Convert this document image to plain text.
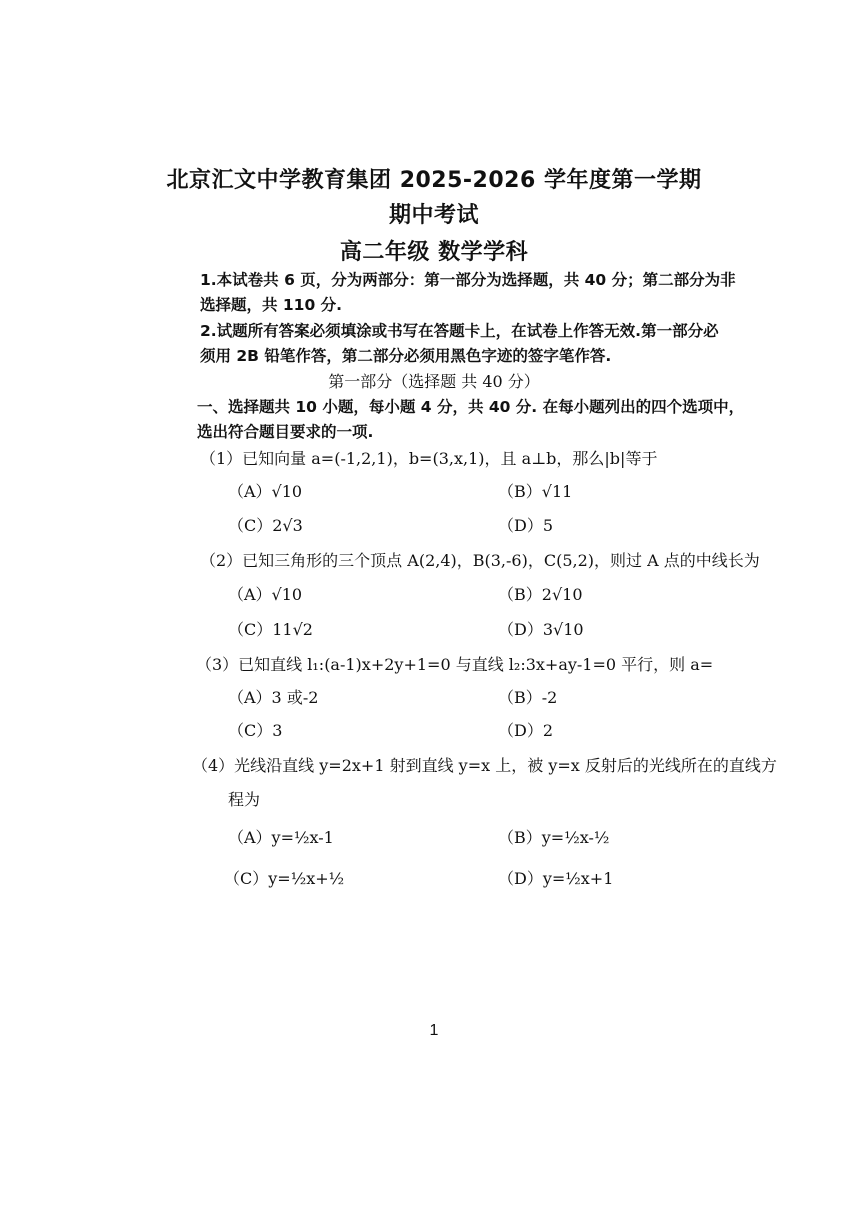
北京汇文中学教育集团 2025-2026 学年度第一学期
期中考试
高二年级 数学学科
1.本试卷共 6 页，分为两部分：第一部分为选择题，共 40 分；第二部分为非
选择题，共 110 分.
2.试题所有答案必须填涂或书写在答题卡上，在试卷上作答无效.第一部分必
须用 2B 铅笔作答，第二部分必须用黑色字迹的签字笔作答.
第一部分（选择题 共 40 分）
一、选择题共 10 小题，每小题 4 分，共 40 分. 在每小题列出的四个选项中，
选出符合题目要求的一项.
（1）已知向量 a=(-1,2,1)，b=(3,x,1)，且 a⊥b，那么|b|等于
（A）√10	（B）√11
（C）2√3	（D）5
（2）已知三角形的三个顶点 A(2,4)，B(3,-6)，C(5,2)，则过 A 点的中线长为
（A）√10	（B）2√10
（C）11√2	（D）3√10
（3）已知直线 l₁:(a-1)x+2y+1=0 与直线 l₂:3x+ay-1=0 平行，则 a=
（A）3 或-2	（B）-2
（C）3	（D）2
（4）光线沿直线 y=2x+1 射到直线 y=x 上，被 y=x 反射后的光线所在的直线方
程为
（A）y=½x-1	（B）y=½x-½
（C）y=½x+½	（D）y=½x+1
1
